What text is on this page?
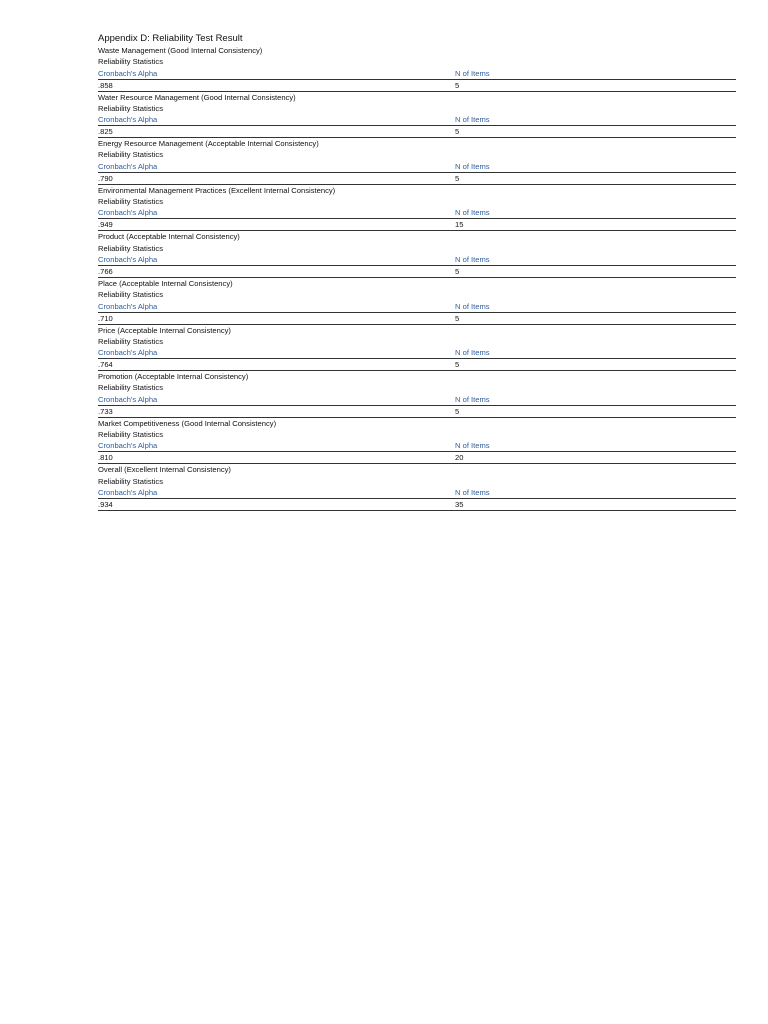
Appendix D: Reliability Test Result
Waste Management (Good Internal Consistency)
Reliability Statistics
Cronbach's Alpha	N of Items
.858	5
Water Resource Management (Good Internal Consistency)
Reliability Statistics
Cronbach's Alpha	N of Items
.825	5
Energy Resource Management (Acceptable Internal Consistency)
Reliability Statistics
Cronbach's Alpha	N of Items
.790	5
Environmental Management Practices (Excellent Internal Consistency)
Reliability Statistics
Cronbach's Alpha	N of Items
.949	15
Product (Acceptable Internal Consistency)
Reliability Statistics
Cronbach's Alpha	N of Items
.766	5
Place (Acceptable Internal Consistency)
Reliability Statistics
Cronbach's Alpha	N of Items
.710	5
Price (Acceptable Internal Consistency)
Reliability Statistics
Cronbach's Alpha	N of Items
.764	5
Promotion (Acceptable Internal Consistency)
Reliability Statistics
Cronbach's Alpha	N of Items
.733	5
Market Competitiveness (Good Internal Consistency)
Reliability Statistics
Cronbach's Alpha	N of Items
.810	20
Overall (Excellent Internal Consistency)
Reliability Statistics
Cronbach's Alpha	N of Items
.934	35
